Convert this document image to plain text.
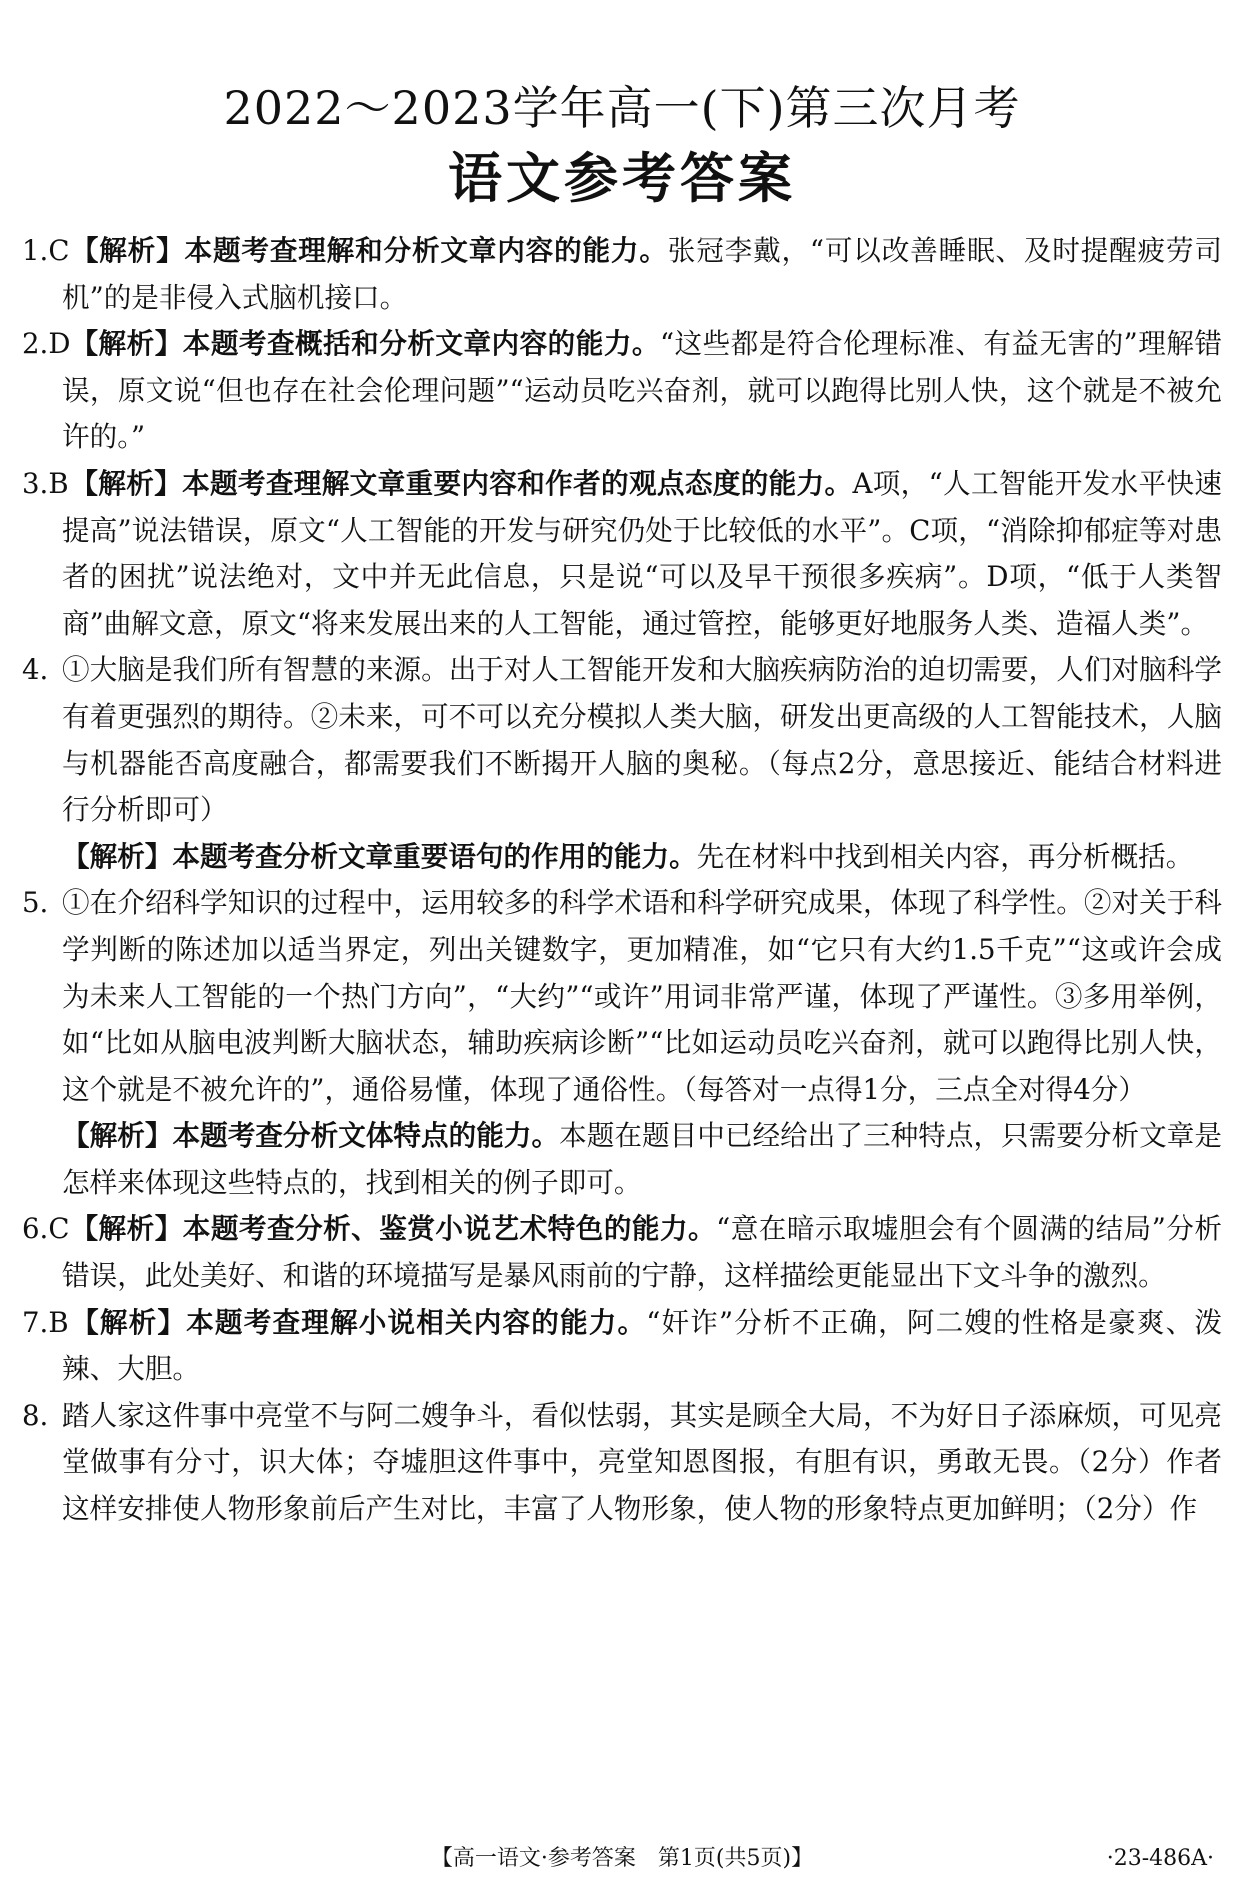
2022～2023学年高一(下)第三次月考
语文参考答案
1.C【解析】本题考查理解和分析文章内容的能力。张冠李戴，“可以改善睡眠、及时提醒疲劳司机”的是非侵入式脑机接口。
2.D【解析】本题考查概括和分析文章内容的能力。“这些都是符合伦理标准、有益无害的”理解错误，原文说“但也存在社会伦理问题”“运动员吃兴奋剂，就可以跑得比别人快，这个就是不被允许的。”
3.B【解析】本题考查理解文章重要内容和作者的观点态度的能力。A项，“人工智能开发水平快速提高”说法错误，原文“人工智能的开发与研究仍处于比较低的水平”。C项，“消除抑郁症等对患者的困扰”说法绝对，文中并无此信息，只是说“可以及早干预很多疾病”。D项，“低于人类智商”曲解文意，原文“将来发展出来的人工智能，通过管控，能够更好地服务人类、造福人类”。
4. ①大脑是我们所有智慧的来源。出于对人工智能开发和大脑疾病防治的迫切需要，人们对脑科学有着更强烈的期待。②未来，可不可以充分模拟人类大脑，研发出更高级的人工智能技术，人脑与机器能否高度融合，都需要我们不断揭开人脑的奥秘。（每点2分，意思接近、能结合材料进行分析即可）
【解析】本题考查分析文章重要语句的作用的能力。先在材料中找到相关内容，再分析概括。
5. ①在介绍科学知识的过程中，运用较多的科学术语和科学研究成果，体现了科学性。②对关于科学判断的陈述加以适当界定，列出关键数字，更加精准，如“它只有大约1.5千克”“这或许会成为未来人工智能的一个热门方向”，“大约”“或许”用词非常严谨，体现了严谨性。③多用举例，如“比如从脑电波判断大脑状态，辅助疾病诊断”“比如运动员吃兴奋剂，就可以跑得比别人快，这个就是不被允许的”，通俗易懂，体现了通俗性。（每答对一点得1分，三点全对得4分）
【解析】本题考查分析文体特点的能力。本题在题目中已经给出了三种特点，只需要分析文章是怎样来体现这些特点的，找到相关的例子即可。
6.C【解析】本题考查分析、鉴赏小说艺术特色的能力。“意在暗示取墟胆会有个圆满的结局”分析错误，此处美好、和谐的环境描写是暴风雨前的宁静，这样描绘更能显出下文斗争的激烈。
7.B【解析】本题考查理解小说相关内容的能力。“奸诈”分析不正确，阿二嫂的性格是豪爽、泼辣、大胆。
8. 踏人家这件事中亮堂不与阿二嫂争斗，看似怯弱，其实是顾全大局，不为好日子添麻烦，可见亮堂做事有分寸，识大体；夺墟胆这件事中，亮堂知恩图报，有胆有识，勇敢无畏。（2分）作者这样安排使人物形象前后产生对比，丰富了人物形象，使人物的形象特点更加鲜明；（2分）作
【高一语文·参考答案　第1页(共5页)】	·23-486A·
